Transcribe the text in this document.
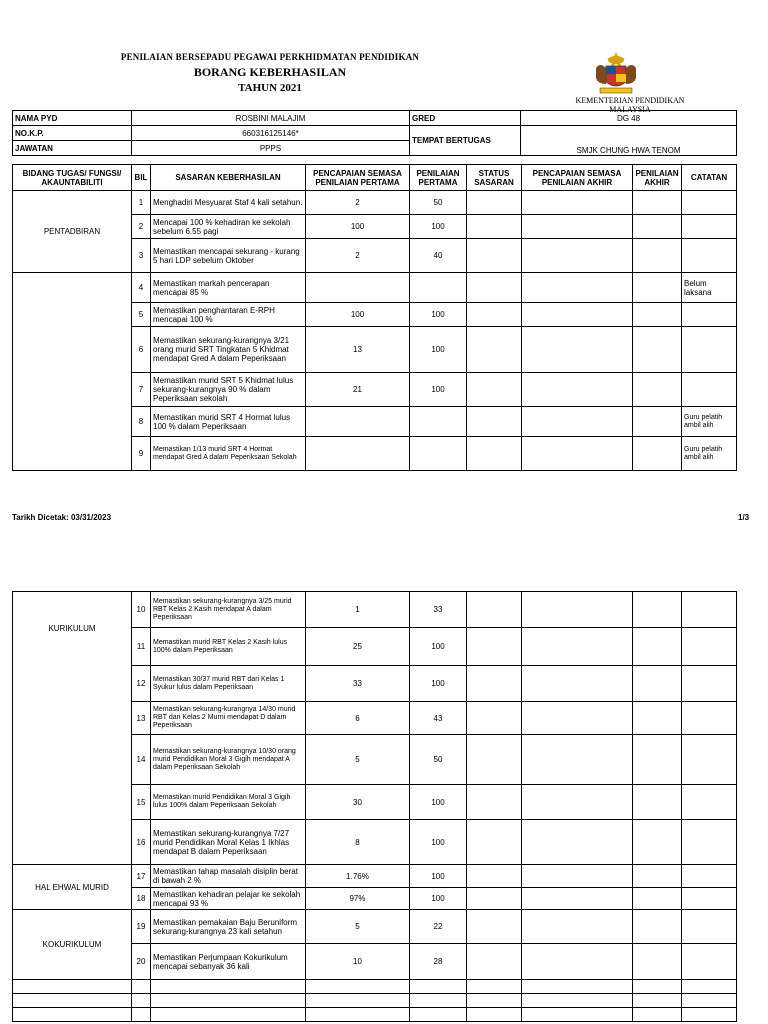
PENILAIAN BERSEPADU PEGAWAI PERKHIDMATAN PENDIDIKAN
BORANG KEBERHASILAN
TAHUN 2021
KEMENTERIAN PENDIDIKAN MALAYSIA
NAMA PYD	ROSBINI MALAJIM	GRED	DG 48
NO.K.P.	660316125146*	TEMPAT BERTUGAS	SMJK CHUNG HWA TENOM
JAWATAN	PPPS		
BIDANG TUGAS/ FUNGSI/ AKAUNTABILITI	BIL	SASARAN KEBERHASILAN	PENCAPAIAN SEMASA PENILAIAN PERTAMA	PENILAIAN PERTAMA	STATUS SASARAN	PENCAPAIAN SEMASA PENILAIAN AKHIR	PENILAIAN AKHIR	CATATAN
PENTADBIRAN	1	Menghadiri Mesyuarat Staf 4 kali setahun.	2	50				
	2	Mencapai 100 % kehadiran ke sekolah sebelum 6.55 pagi	100	100				
	3	Memastikan mencapai sekurang - kurang 5 hari LDP sebelum Oktober	2	40				
	4	Memastikan markah pencerapan mencapai 85 %						Belum laksana
	5	Memastikan penghantaran E-RPH mencapai 100 %	100	100				
	6	Memastikan sekurang-kurangnya 3/21 orang murid SRT Tingkatan 5 Khidmat mendapat Gred A dalam Peperiksaan	13	100				
	7	Memastikan murid SRT 5 Khidmat lulus sekurang-kurangnya 90 % dalam Peperiksaan sekolah	21	100				
	8	Memastikan murid SRT 4 Hormat lulus 100 % dalam Peperiksaan						Guru pelatih ambil alih
	9	Memastikan 1/13 murid SRT 4 Hormat mendapat Gred A dalam Peperiksaan Sekolah						Guru pelatih ambil alih
Tarikh Dicetak: 03/31/2023	1/3
KURIKULUM	10	Memastikan sekurang-kurangnya 3/25 murid RBT Kelas 2 Kasih mendapat A dalam Peperiksaan	1	33				
	11	Memastikan murid RBT Kelas 2 Kasih lulus 100% dalam Peperiksaan	25	100				
	12	Memastikan 30/37 murid RBT dari Kelas 1 Syukur lulus dalam Peperiksaan	33	100				
	13	Memastikan sekurang-kurangnya 14/30 murid RBT dari Kelas 2 Murni mendapat D dalam Peperiksaan	6	43				
	14	Memastikan sekurang-kurangnya 10/30 orang murid Pendidikan Moral 3 Gigih mendapat A dalam Peperiksaan Sekolah	5	50				
	15	Memastikan murid Pendidikan Moral 3 Gigih lulus 100% dalam Peperiksaan Sekolah	30	100				
	16	Memastikan sekurang-kurangnya 7/27 murid Pendidikan Moral Kelas 1 Ikhlas mendapat B dalam Peperiksaan	8	100				
HAL EHWAL MURID	17	Memastikan tahap masalah disiplin berat di bawah 2 %	1.76%	100				
	18	Memastikan kehadiran pelajar ke sekolah mencapai 93 %	97%	100				
KOKURIKULUM	19	Memastikan pemakaian Baju Beruniform sekurang-kurangnya 23 kali setahun	5	22				
	20	Memastikan Perjumpaan Kokurikulum mencapai sebanyak 36 kali	10	28				
